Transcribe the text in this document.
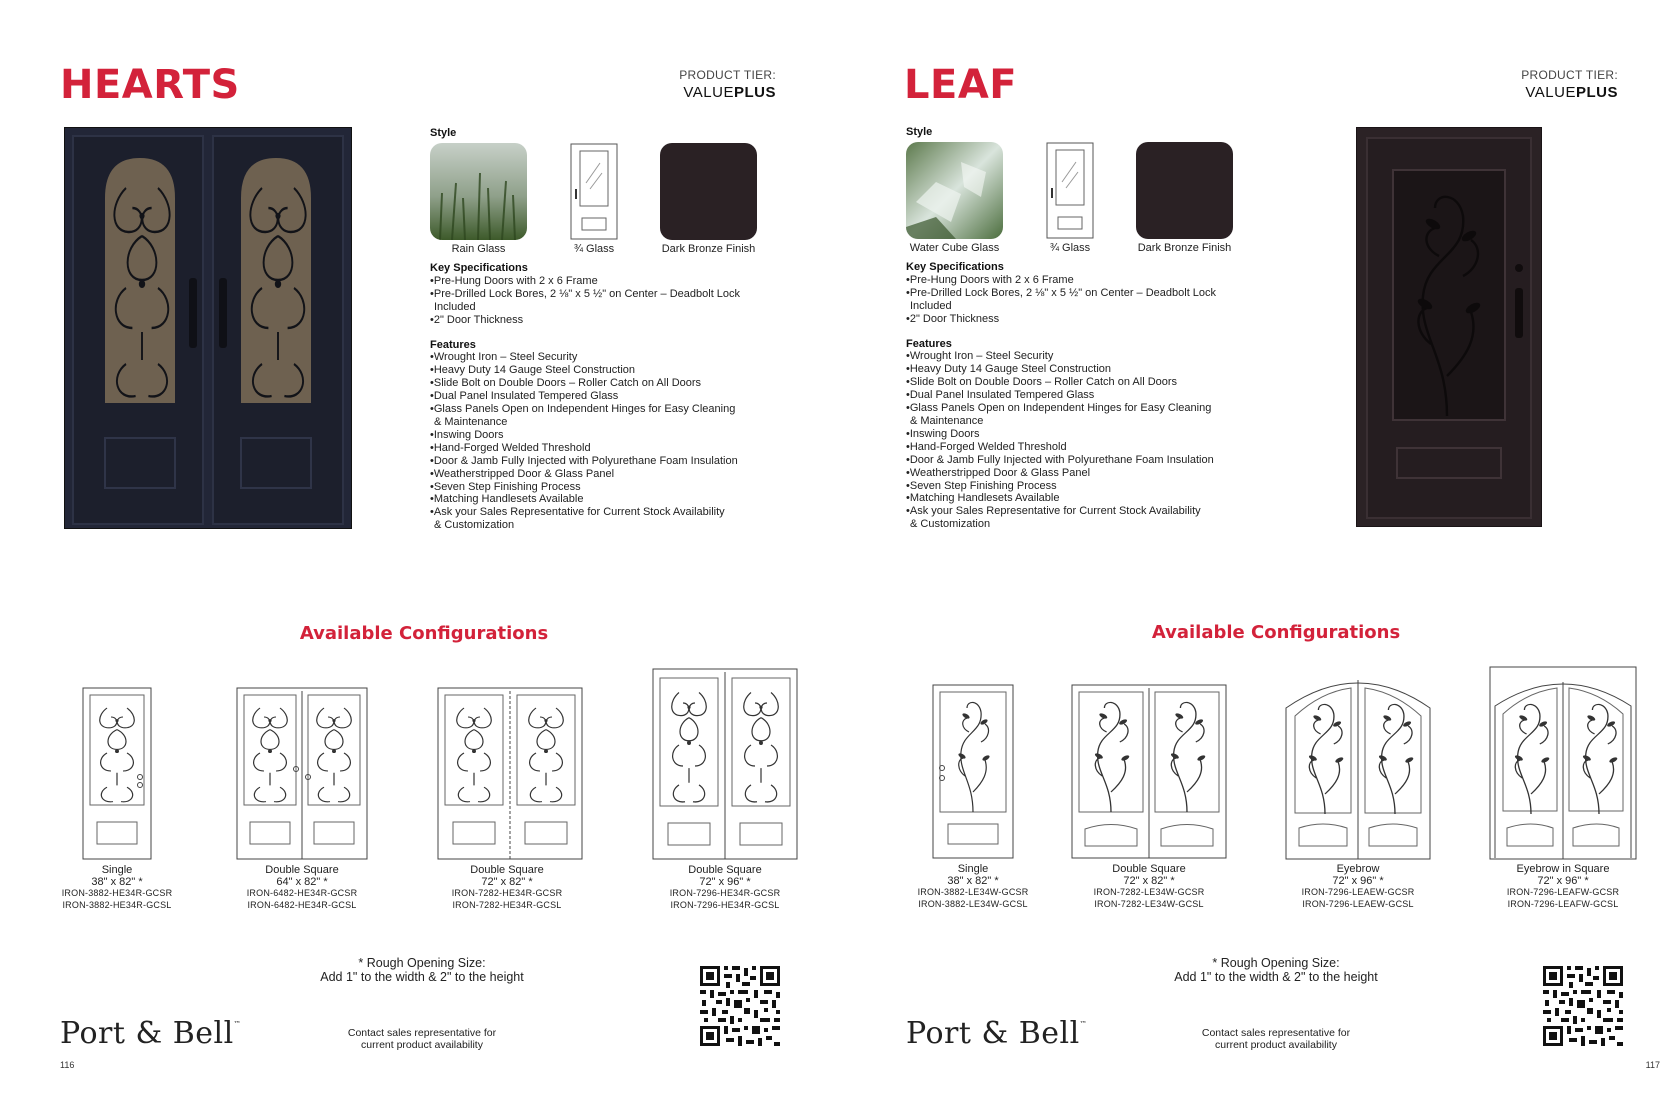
HEARTS	PRODUCT TIER:
VALUEPLUS
Style
Rain Glass	¾ Glass	Dark Bronze Finish
Key Specifications
•Pre-Hung Doors with 2 x 6 Frame
•Pre-Drilled Lock Bores, 2 ⅛" x 5 ½" on Center – Deadbolt Lock
Included
•2" Door Thickness
Features
•Wrought Iron – Steel Security
•Heavy Duty 14 Gauge Steel Construction
•Slide Bolt on Double Doors – Roller Catch on All Doors
•Dual Panel Insulated Tempered Glass
•Glass Panels Open on Independent Hinges for Easy Cleaning
& Maintenance
•Inswing Doors
•Hand-Forged Welded Threshold
•Door & Jamb Fully Injected with Polyurethane Foam Insulation
•Weatherstripped Door & Glass Panel
•Seven Step Finishing Process
•Matching Handlesets Available
•Ask your Sales Representative for Current Stock Availability
& Customization
Available Configurations
Single
38" x 82" *
IRON-3882-HE34R-GCSR
IRON-3882-HE34R-GCSL
Double Square
64" x 82" *
IRON-6482-HE34R-GCSR
IRON-6482-HE34R-GCSL
Double Square
72" x 82" *
IRON-7282-HE34R-GCSR
IRON-7282-HE34R-GCSL
Double Square
72" x 96" *
IRON-7296-HE34R-GCSR
IRON-7296-HE34R-GCSL
* Rough Opening Size:
Add 1" to the width & 2" to the height
Port & Bell™
Contact sales representative for
current product availability
116
LEAF	PRODUCT TIER:
VALUEPLUS
Style
Water Cube Glass	¾ Glass	Dark Bronze Finish
Key Specifications
•Pre-Hung Doors with 2 x 6 Frame
•Pre-Drilled Lock Bores, 2 ⅛" x 5 ½" on Center – Deadbolt Lock
Included
•2" Door Thickness
Features
•Wrought Iron – Steel Security
•Heavy Duty 14 Gauge Steel Construction
•Slide Bolt on Double Doors – Roller Catch on All Doors
•Dual Panel Insulated Tempered Glass
•Glass Panels Open on Independent Hinges for Easy Cleaning
& Maintenance
•Inswing Doors
•Hand-Forged Welded Threshold
•Door & Jamb Fully Injected with Polyurethane Foam Insulation
•Weatherstripped Door & Glass Panel
•Seven Step Finishing Process
•Matching Handlesets Available
•Ask your Sales Representative for Current Stock Availability
& Customization
Available Configurations
Single
38" x 82" *
IRON-3882-LE34W-GCSR
IRON-3882-LE34W-GCSL
Double Square
72" x 82" *
IRON-7282-LE34W-GCSR
IRON-7282-LE34W-GCSL
Eyebrow
72" x 96" *
IRON-7296-LEAEW-GCSR
IRON-7296-LEAEW-GCSL
Eyebrow in Square
72" x 96" *
IRON-7296-LEAFW-GCSR
IRON-7296-LEAFW-GCSL
* Rough Opening Size:
Add 1" to the width & 2" to the height
Port & Bell™
Contact sales representative for
current product availability
117
